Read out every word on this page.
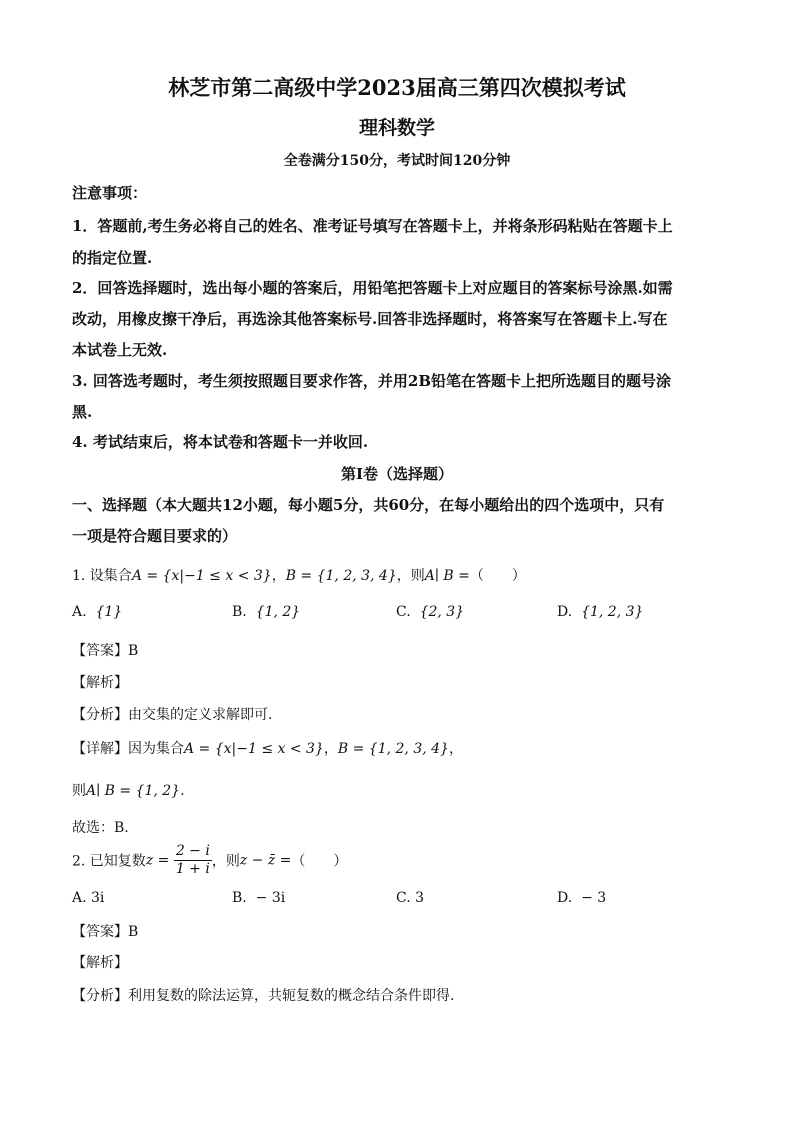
林芝市第二高级中学2023届高三第四次模拟考试
理科数学
全卷满分150分，考试时间120分钟
注意事项：
1．答题前,考生务必将自己的姓名、准考证号填写在答题卡上，并将条形码粘贴在答题卡上
的指定位置.
2．回答选择题时，选出每小题的答案后，用铅笔把答题卡上对应题目的答案标号涂黑.如需
改动，用橡皮擦干净后，再选涂其他答案标号.回答非选择题时，将答案写在答题卡上.写在
本试卷上无效.
3. 回答选考题时，考生须按照题目要求作答，并用2B铅笔在答题卡上把所选题目的题号涂
黑.
4. 考试结束后，将本试卷和答题卡一并收回.
第I卷（选择题）
一、选择题（本大题共12小题，每小题5分，共60分，在每小题给出的四个选项中，只有
一项是符合题目要求的）
1. 设集合A = {x|−1 ≤ x < 3}，B = {1, 2, 3, 4}，则A∣ B =（　　）
A. {1}	B. {1, 2}	C. {2, 3}	D. {1, 2, 3}
【答案】B
【解析】
【分析】由交集的定义求解即可.
【详解】因为集合A = {x|−1 ≤ x < 3}，B = {1, 2, 3, 4}，
则A∣ B = {1, 2}.
故选：B.
2. 已知复数$z = \frac{2 - i}{1 + i}$ ，则z − z̄ =（　　）
A. 3i	B. − 3i	C. 3	D. − 3
【答案】B
【解析】
【分析】利用复数的除法运算，共轭复数的概念结合条件即得.
